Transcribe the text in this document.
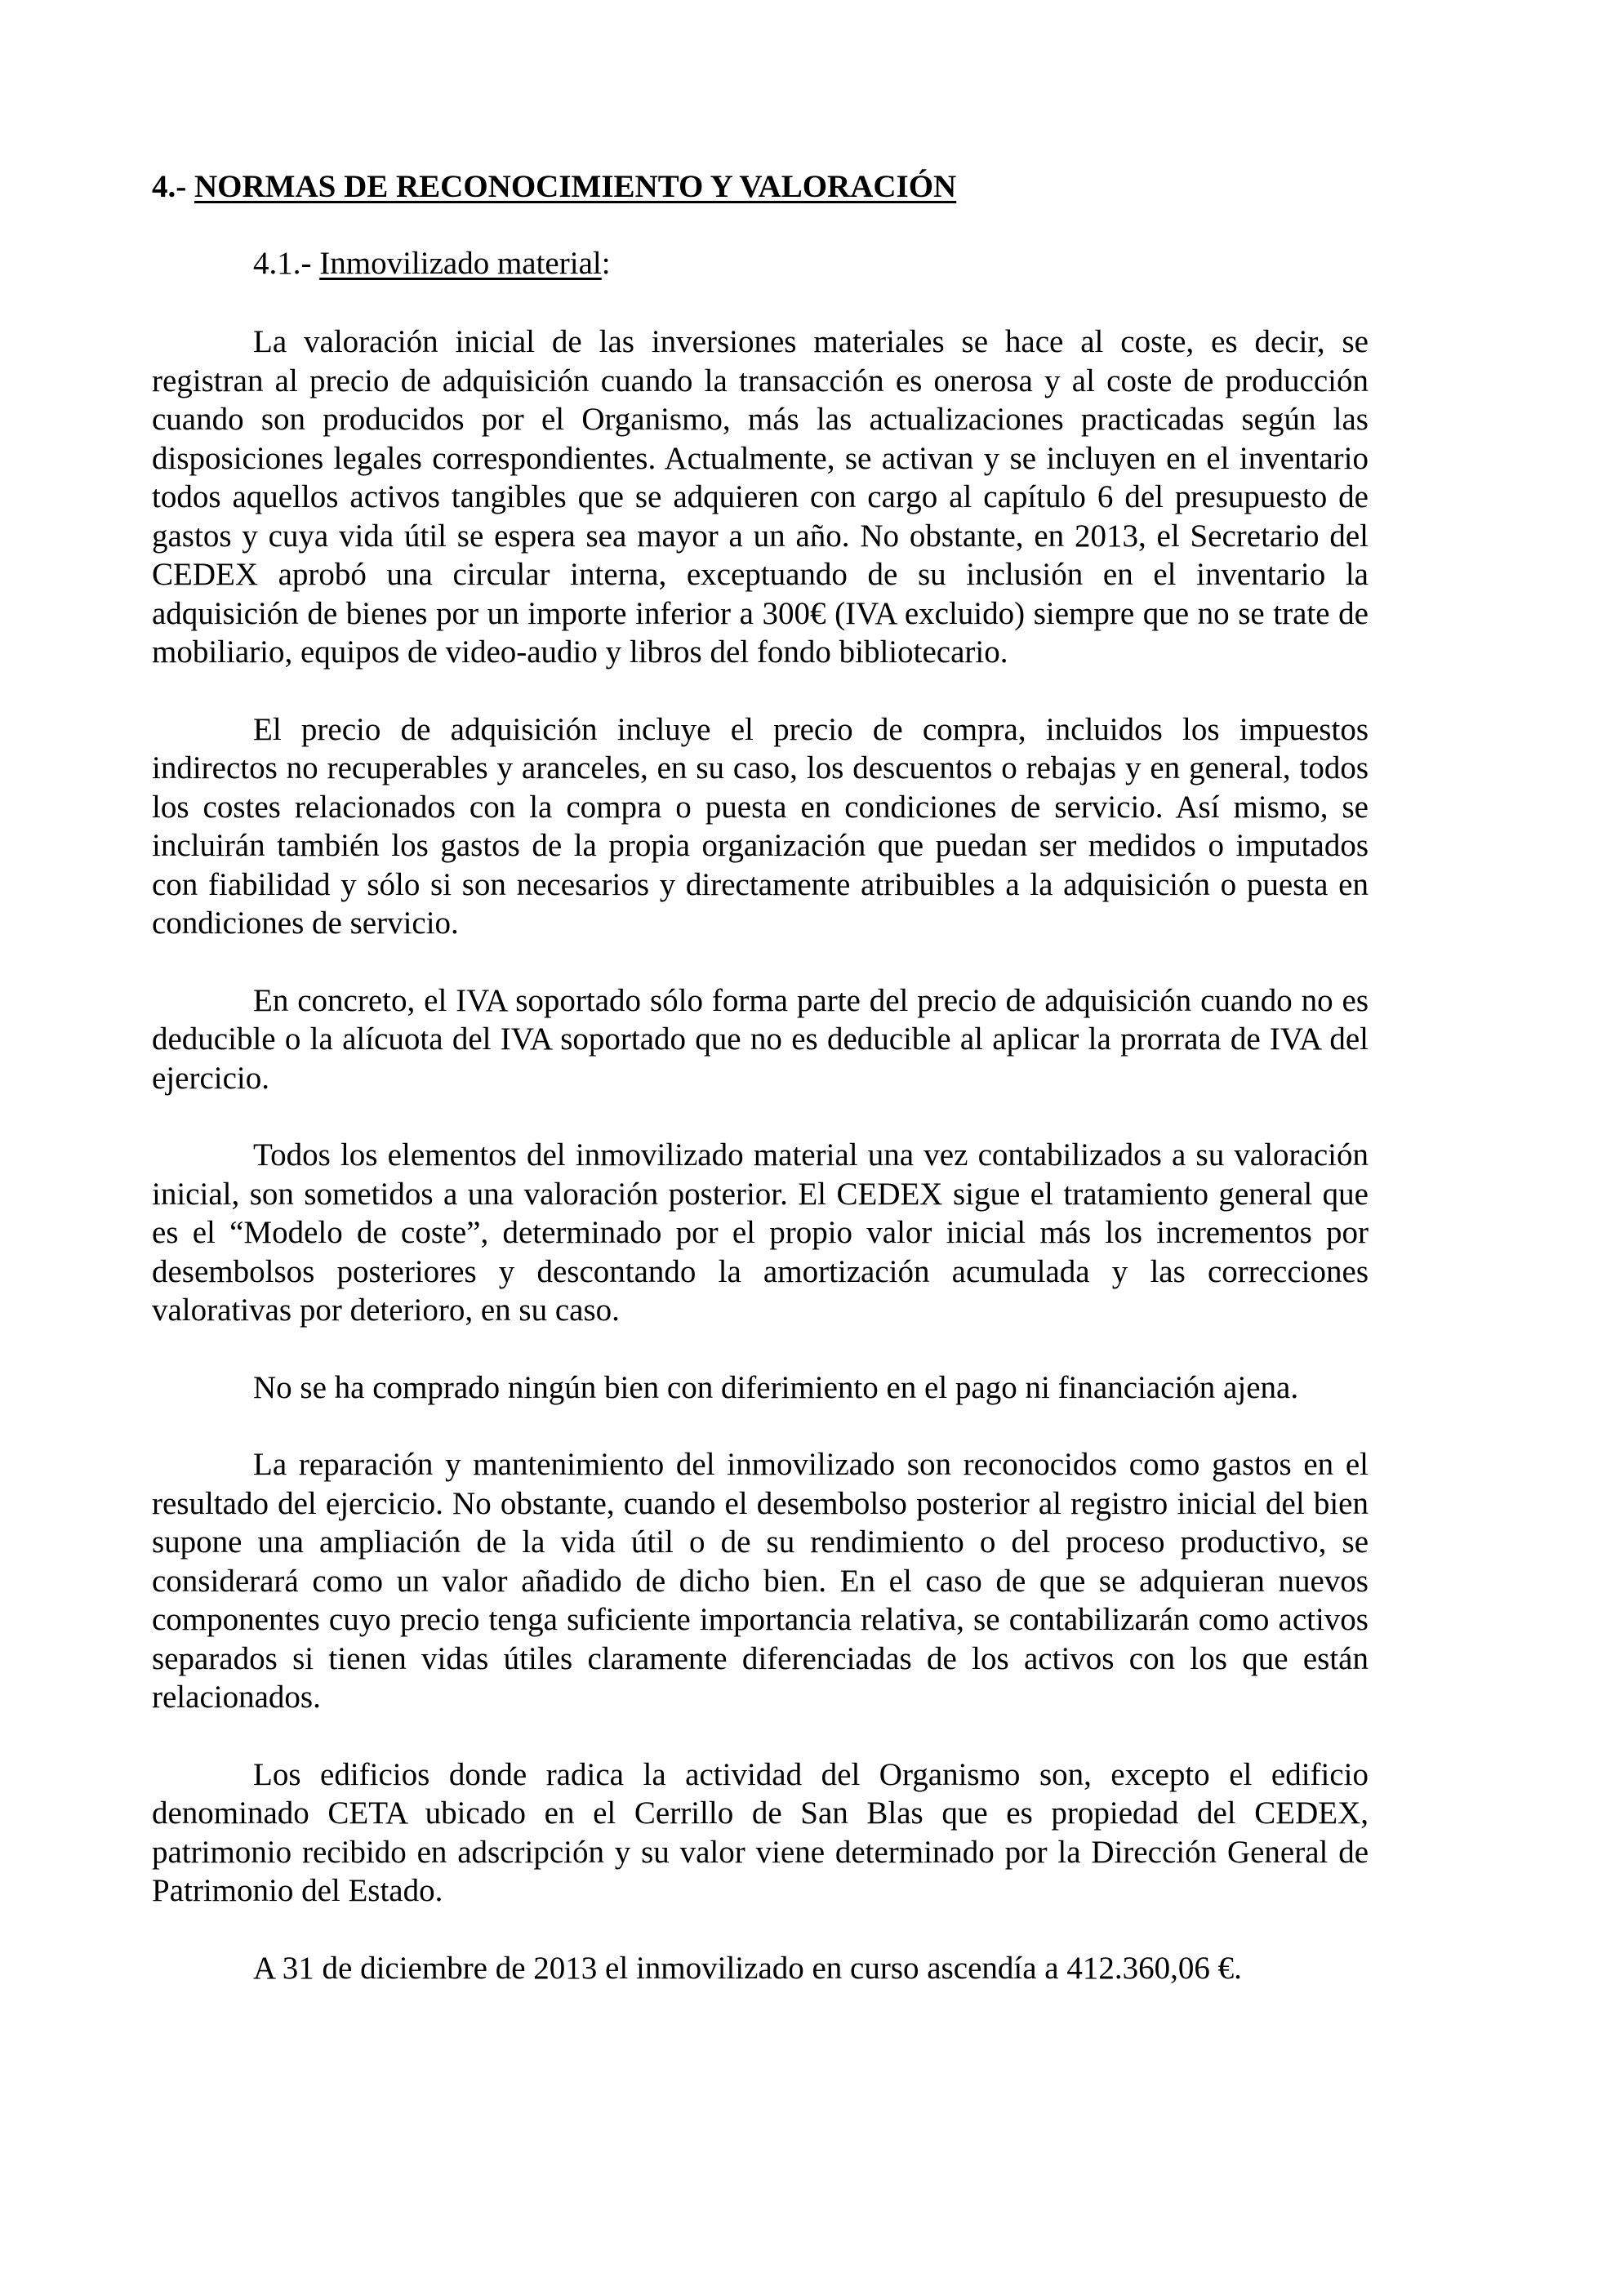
4.- NORMAS DE RECONOCIMIENTO Y VALORACIÓN
4.1.- Inmovilizado material:

La valoración inicial de las inversiones materiales se hace al coste, es decir, se registran al precio de adquisición cuando la transacción es onerosa y al coste de producción cuando son producidos por el Organismo, más las actualizaciones practicadas según las disposiciones legales correspondientes. Actualmente, se activan y se incluyen en el inventario todos aquellos activos tangibles que se adquieren con cargo al capítulo 6 del presupuesto de gastos y cuya vida útil se espera sea mayor a un año. No obstante, en 2013, el Secretario del CEDEX aprobó una circular interna, exceptuando de su inclusión en el inventario la adquisición de bienes por un importe inferior a 300€ (IVA excluido) siempre que no se trate de mobiliario, equipos de video-audio y libros del fondo bibliotecario.

El precio de adquisición incluye el precio de compra, incluidos los impuestos indirectos no recuperables y aranceles, en su caso, los descuentos o rebajas y en general, todos los costes relacionados con la compra o puesta en condiciones de servicio. Así mismo, se incluirán también los gastos de la propia organización que puedan ser medidos o imputados con fiabilidad y sólo si son necesarios y directamente atribuibles a la adquisición o puesta en condiciones de servicio.

En concreto, el IVA soportado sólo forma parte del precio de adquisición cuando no es deducible o la alícuota del IVA soportado que no es deducible al aplicar la prorrata de IVA del ejercicio.

Todos los elementos del inmovilizado material una vez contabilizados a su valoración inicial, son sometidos a una valoración posterior. El CEDEX sigue el tratamiento general que es el “Modelo de coste”, determinado por el propio valor inicial más los incrementos por desembolsos posteriores y descontando la amortización acumulada y las correcciones valorativas por deterioro, en su caso.

No se ha comprado ningún bien con diferimiento en el pago ni financiación ajena.

La reparación y mantenimiento del inmovilizado son reconocidos como gastos en el resultado del ejercicio. No obstante, cuando el desembolso posterior al registro inicial del bien supone una ampliación de la vida útil o de su rendimiento o del proceso productivo, se considerará como un valor añadido de dicho bien. En el caso de que se adquieran nuevos componentes cuyo precio tenga suficiente importancia relativa, se contabilizarán como activos separados si tienen vidas útiles claramente diferenciadas de los activos con los que están relacionados.

Los edificios donde radica la actividad del Organismo son, excepto el edificio denominado CETA ubicado en el Cerrillo de San Blas que es propiedad del CEDEX, patrimonio recibido en adscripción y su valor viene determinado por la Dirección General de Patrimonio del Estado.

A 31 de diciembre de 2013 el inmovilizado en curso ascendía a 412.360,06 €.
